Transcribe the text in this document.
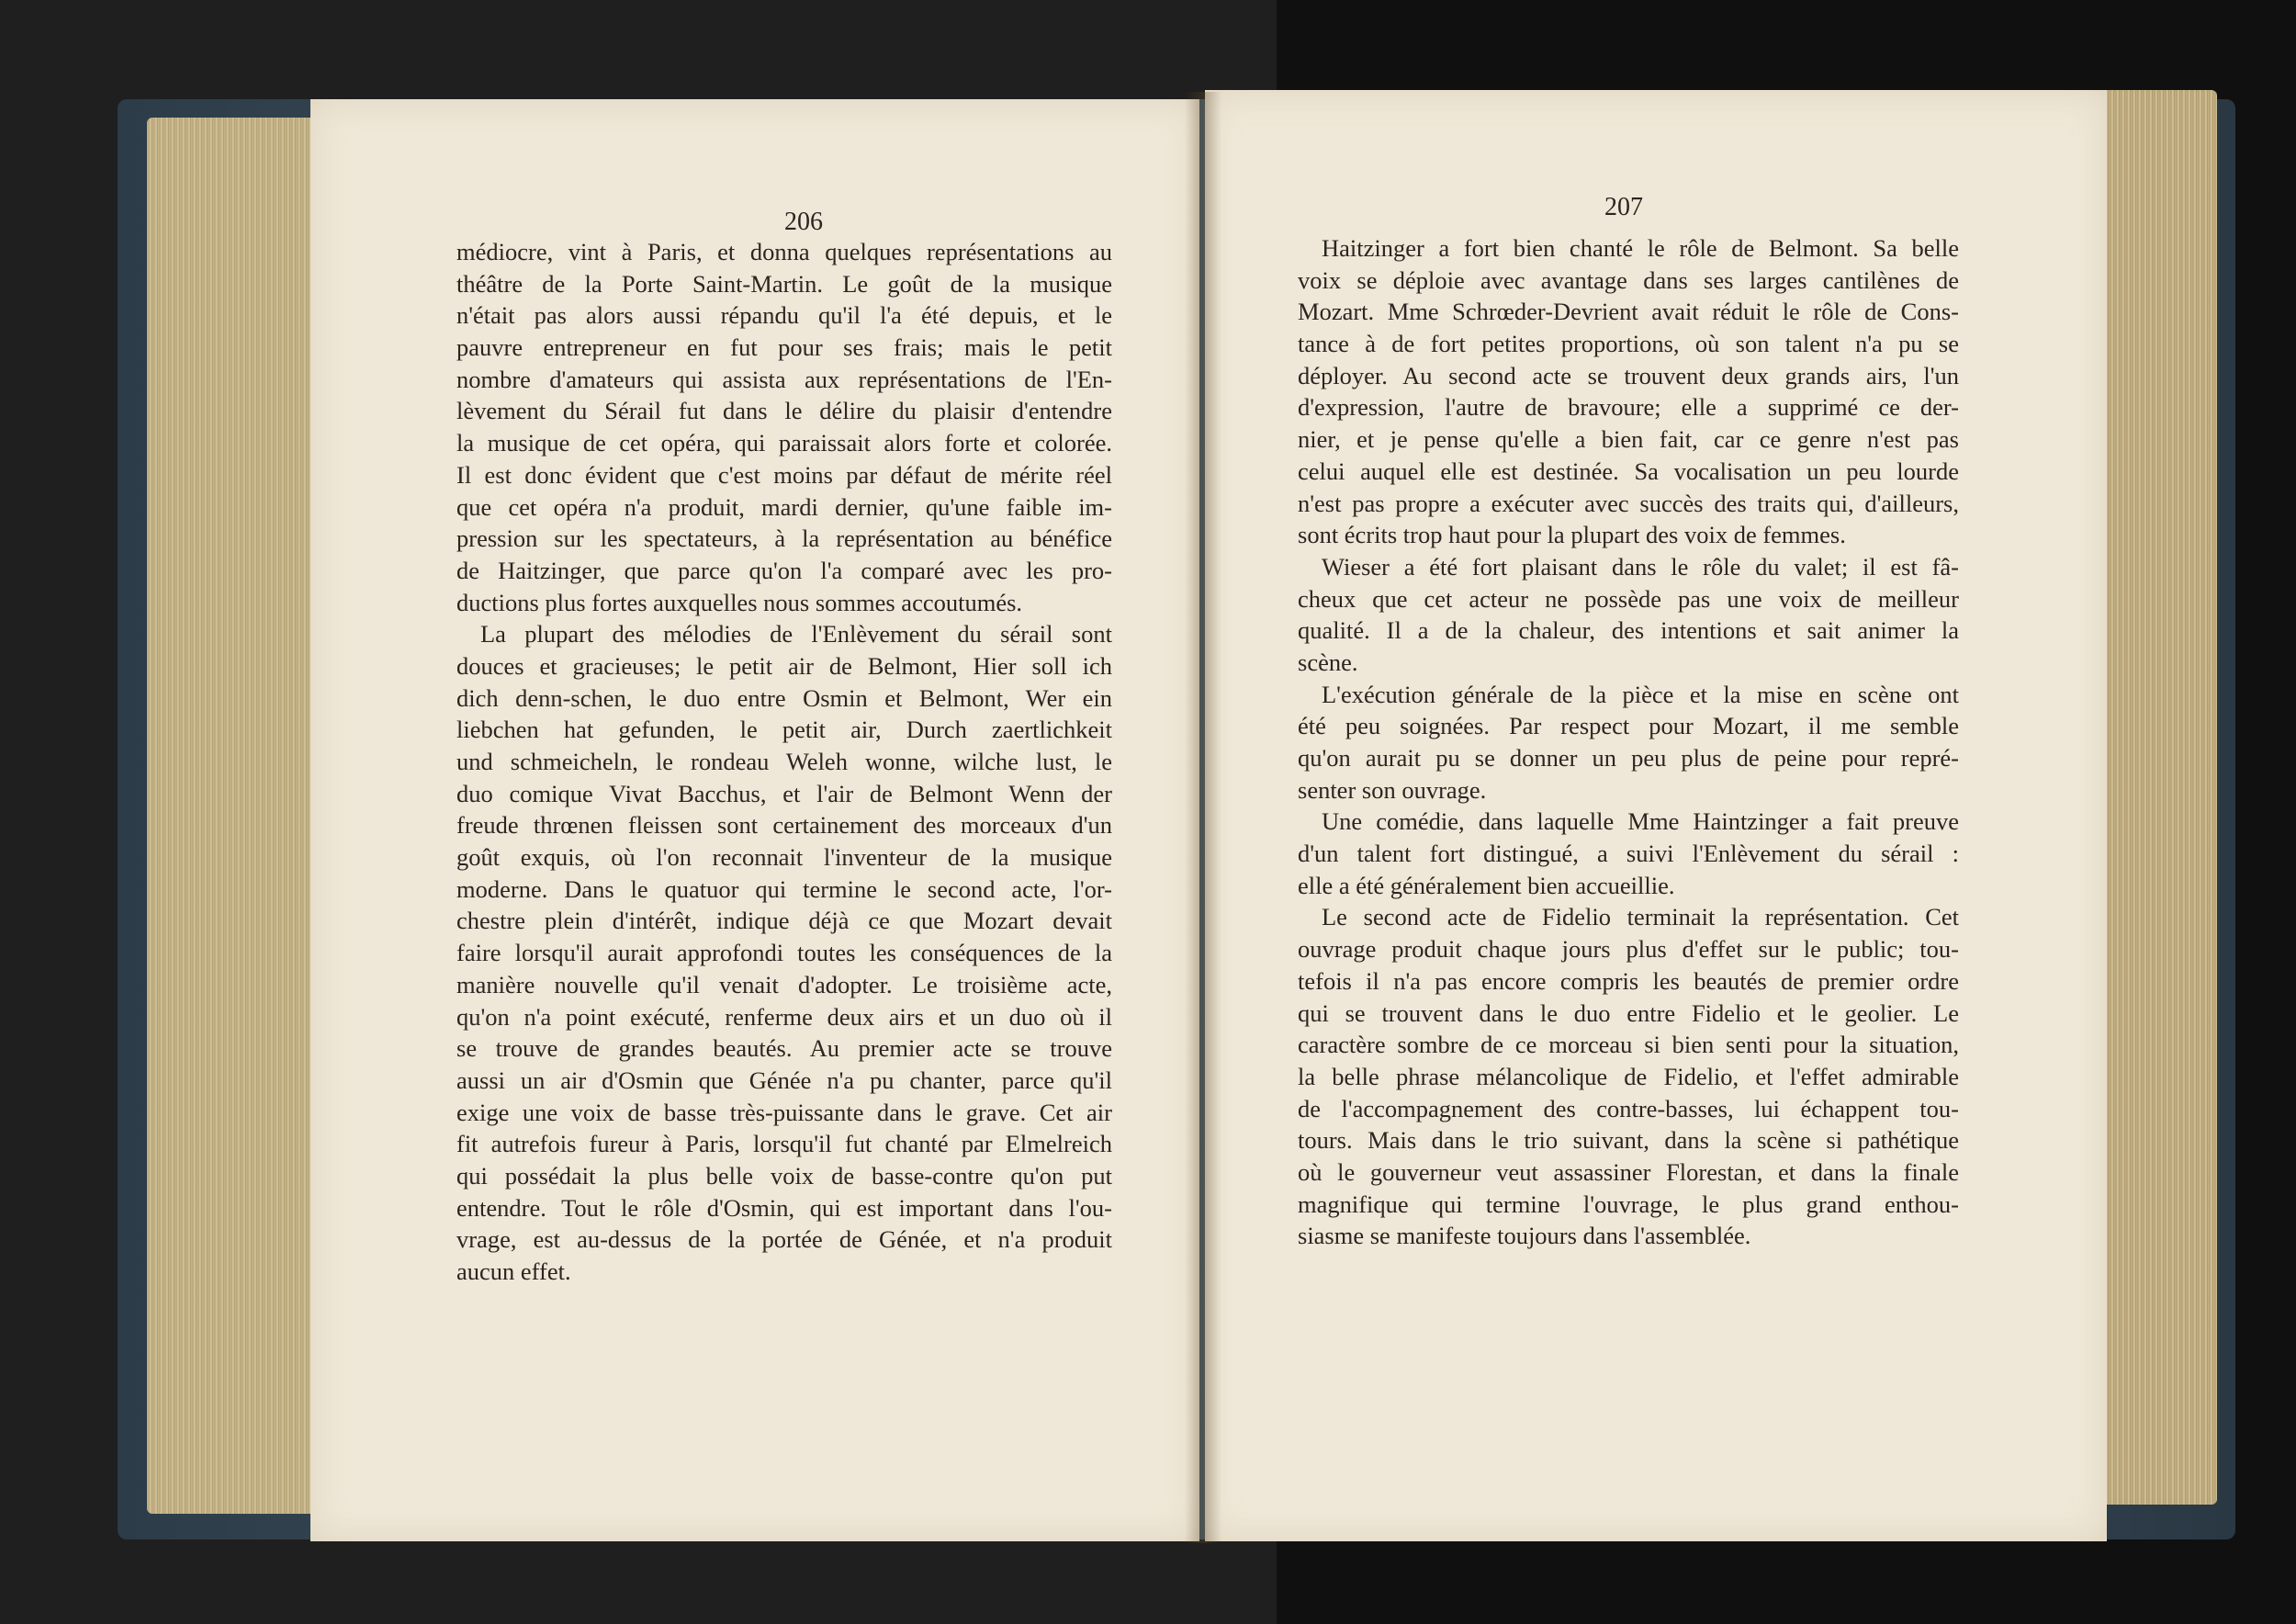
206
207
médiocre, vint à Paris, et donna quelques représentations au
théâtre de la Porte Saint-Martin. Le goût de la musique
n'était pas alors aussi répandu qu'il l'a été depuis, et le
pauvre entrepreneur en fut pour ses frais; mais le petit
nombre d'amateurs qui assista aux représentations de l'En-
lèvement du Sérail fut dans le délire du plaisir d'entendre
la musique de cet opéra, qui paraissait alors forte et colorée.
Il est donc évident que c'est moins par défaut de mérite réel
que cet opéra n'a produit, mardi dernier, qu'une faible im-
pression sur les spectateurs, à la représentation au bénéfice
de Haitzinger, que parce qu'on l'a comparé avec les pro-
ductions plus fortes auxquelles nous sommes accoutumés.
La plupart des mélodies de l'Enlèvement du sérail sont
douces et gracieuses; le petit air de Belmont, Hier soll ich
dich denn-schen, le duo entre Osmin et Belmont, Wer ein
liebchen hat gefunden, le petit air, Durch zaertlichkeit
und schmeicheln, le rondeau Weleh wonne, wilche lust, le
duo comique Vivat Bacchus, et l'air de Belmont Wenn der
freude thrœnen fleissen sont certainement des morceaux d'un
goût exquis, où l'on reconnait l'inventeur de la musique
moderne. Dans le quatuor qui termine le second acte, l'or-
chestre plein d'intérêt, indique déjà ce que Mozart devait
faire lorsqu'il aurait approfondi toutes les conséquences de la
manière nouvelle qu'il venait d'adopter. Le troisième acte,
qu'on n'a point exécuté, renferme deux airs et un duo où il
se trouve de grandes beautés. Au premier acte se trouve
aussi un air d'Osmin que Génée n'a pu chanter, parce qu'il
exige une voix de basse très-puissante dans le grave. Cet air
fit autrefois fureur à Paris, lorsqu'il fut chanté par Elmelreich
qui possédait la plus belle voix de basse-contre qu'on put
entendre. Tout le rôle d'Osmin, qui est important dans l'ou-
vrage, est au-dessus de la portée de Génée, et n'a produit
aucun effet.
Haitzinger a fort bien chanté le rôle de Belmont. Sa belle
voix se déploie avec avantage dans ses larges cantilènes de
Mozart. Mme Schrœder-Devrient avait réduit le rôle de Cons-
tance à de fort petites proportions, où son talent n'a pu se
déployer. Au second acte se trouvent deux grands airs, l'un
d'expression, l'autre de bravoure; elle a supprimé ce der-
nier, et je pense qu'elle a bien fait, car ce genre n'est pas
celui auquel elle est destinée. Sa vocalisation un peu lourde
n'est pas propre a exécuter avec succès des traits qui, d'ailleurs,
sont écrits trop haut pour la plupart des voix de femmes.
Wieser a été fort plaisant dans le rôle du valet; il est fâ-
cheux que cet acteur ne possède pas une voix de meilleur
qualité. Il a de la chaleur, des intentions et sait animer la
scène.
L'exécution générale de la pièce et la mise en scène ont
été peu soignées. Par respect pour Mozart, il me semble
qu'on aurait pu se donner un peu plus de peine pour repré-
senter son ouvrage.
Une comédie, dans laquelle Mme Haintzinger a fait preuve
d'un talent fort distingué, a suivi l'Enlèvement du sérail :
elle a été généralement bien accueillie.
Le second acte de Fidelio terminait la représentation. Cet
ouvrage produit chaque jours plus d'effet sur le public; tou-
tefois il n'a pas encore compris les beautés de premier ordre
qui se trouvent dans le duo entre Fidelio et le geolier. Le
caractère sombre de ce morceau si bien senti pour la situation,
la belle phrase mélancolique de Fidelio, et l'effet admirable
de l'accompagnement des contre-basses, lui échappent tou-
tours. Mais dans le trio suivant, dans la scène si pathétique
où le gouverneur veut assassiner Florestan, et dans la finale
magnifique qui termine l'ouvrage, le plus grand enthou-
siasme se manifeste toujours dans l'assemblée.
